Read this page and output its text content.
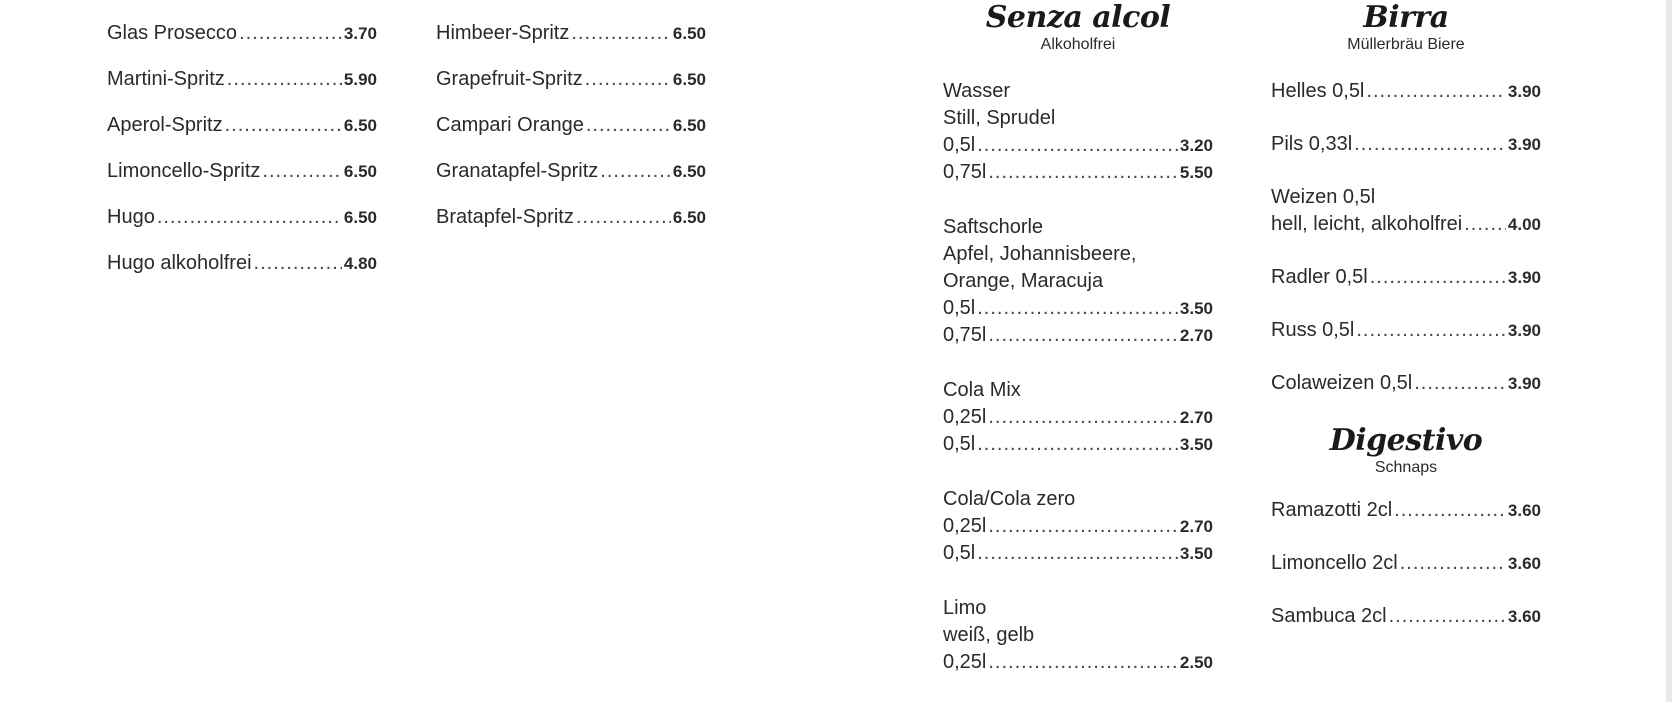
Glas Prosecco .....	3.70
Martini-Spritz .....	5.90
Aperol-Spritz .....	6.50
Limoncello-Spritz .....	6.50
Hugo .....	6.50
Hugo alkoholfrei .....	4.80
Himbeer-Spritz .....	6.50
Grapefruit-Spritz .....	6.50
Campari Orange .....	6.50
Granatapfel-Spritz .....	6.50
Bratapfel-Spritz .....	6.50
Senza alcol
Alkoholfrei
Wasser
Still, Sprudel
0,5l .....	3.20
0,75l .....	5.50
Saftschorle
Apfel, Johannisbeere,
Orange, Maracuja
0,5l .....	3.50
0,75l .....	2.70
Cola Mix
0,25l .....	2.70
0,5l .....	3.50
Cola/Cola zero
0,25l .....	2.70
0,5l .....	3.50
Limo
weiß, gelb
0,25l .....	2.50
Birra
Müllerbräu Biere
Helles 0,5l .....	3.90
Pils 0,33l .....	3.90
Weizen 0,5l
hell, leicht, alkoholfrei .....	4.00
Radler 0,5l .....	3.90
Russ 0,5l .....	3.90
Colaweizen 0,5l .....	3.90
Digestivo
Schnaps
Ramazotti 2cl .....	3.60
Limoncello 2cl .....	3.60
Sambuca 2cl .....	3.60
